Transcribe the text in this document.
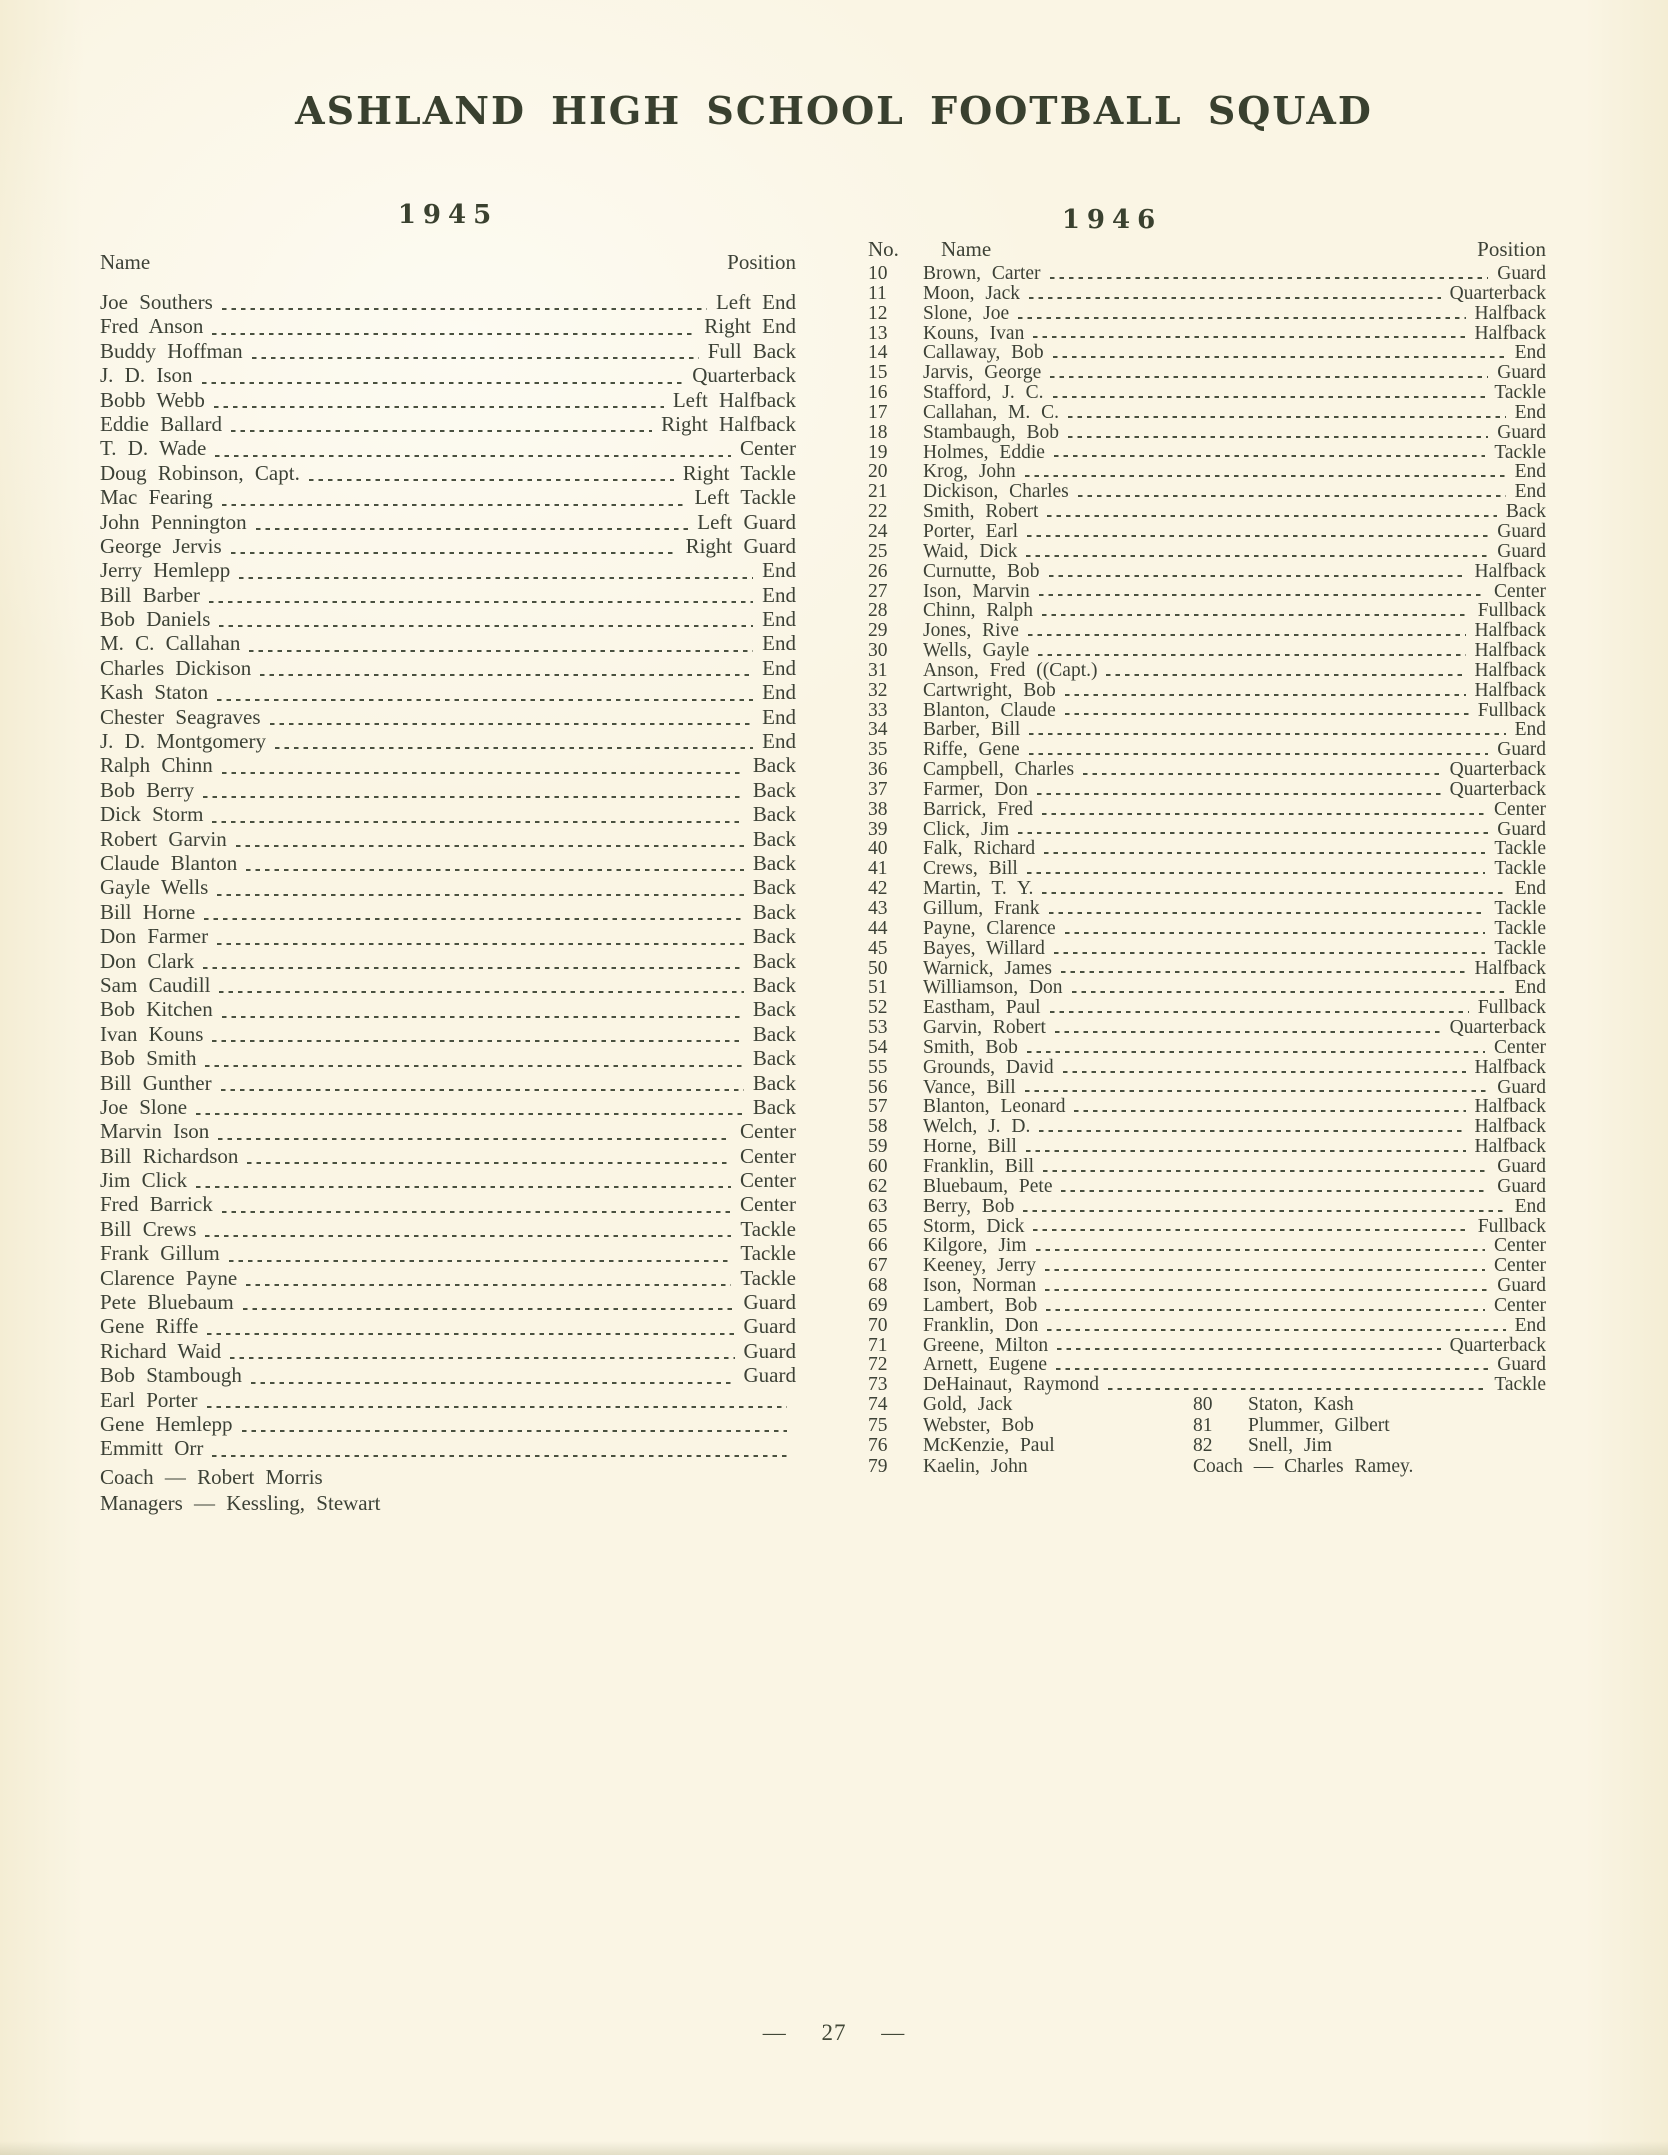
ASHLAND HIGH SCHOOL FOOTBALL SQUAD
1945
Name	Position
Joe Southers	Left End
Fred Anson	Right End
Buddy Hoffman	Full Back
J. D. Ison	Quarterback
Bobb Webb	Left Halfback
Eddie Ballard	Right Halfback
T. D. Wade	Center
Doug Robinson, Capt.	Right Tackle
Mac Fearing	Left Tackle
John Pennington	Left Guard
George Jervis	Right Guard
Jerry Hemlepp	End
Bill Barber	End
Bob Daniels	End
M. C. Callahan	End
Charles Dickison	End
Kash Staton	End
Chester Seagraves	End
J. D. Montgomery	End
Ralph Chinn	Back
Bob Berry	Back
Dick Storm	Back
Robert Garvin	Back
Claude Blanton	Back
Gayle Wells	Back
Bill Horne	Back
Don Farmer	Back
Don Clark	Back
Sam Caudill	Back
Bob Kitchen	Back
Ivan Kouns	Back
Bob Smith	Back
Bill Gunther	Back
Joe Slone	Back
Marvin Ison	Center
Bill Richardson	Center
Jim Click	Center
Fred Barrick	Center
Bill Crews	Tackle
Frank Gillum	Tackle
Clarence Payne	Tackle
Pete Bluebaum	Guard
Gene Riffe	Guard
Richard Waid	Guard
Bob Stambough	Guard
Earl Porter
Gene Hemlepp
Emmitt Orr
Coach — Robert Morris
Managers — Kessling, Stewart
1946
No.	Name	Position
10	Brown, Carter	Guard
11	Moon, Jack	Quarterback
12	Slone, Joe	Halfback
13	Kouns, Ivan	Halfback
14	Callaway, Bob	End
15	Jarvis, George	Guard
16	Stafford, J. C.	Tackle
17	Callahan, M. C.	End
18	Stambaugh, Bob	Guard
19	Holmes, Eddie	Tackle
20	Krog, John	End
21	Dickison, Charles	End
22	Smith, Robert	Back
24	Porter, Earl	Guard
25	Waid, Dick	Guard
26	Curnutte, Bob	Halfback
27	Ison, Marvin	Center
28	Chinn, Ralph	Fullback
29	Jones, Rive	Halfback
30	Wells, Gayle	Halfback
31	Anson, Fred ((Capt.)	Halfback
32	Cartwright, Bob	Halfback
33	Blanton, Claude	Fullback
34	Barber, Bill	End
35	Riffe, Gene	Guard
36	Campbell, Charles	Quarterback
37	Farmer, Don	Quarterback
38	Barrick, Fred	Center
39	Click, Jim	Guard
40	Falk, Richard	Tackle
41	Crews, Bill	Tackle
42	Martin, T. Y.	End
43	Gillum, Frank	Tackle
44	Payne, Clarence	Tackle
45	Bayes, Willard	Tackle
50	Warnick, James	Halfback
51	Williamson, Don	End
52	Eastham, Paul	Fullback
53	Garvin, Robert	Quarterback
54	Smith, Bob	Center
55	Grounds, David	Halfback
56	Vance, Bill	Guard
57	Blanton, Leonard	Halfback
58	Welch, J. D.	Halfback
59	Horne, Bill	Halfback
60	Franklin, Bill	Guard
62	Bluebaum, Pete	Guard
63	Berry, Bob	End
65	Storm, Dick	Fullback
66	Kilgore, Jim	Center
67	Keeney, Jerry	Center
68	Ison, Norman	Guard
69	Lambert, Bob	Center
70	Franklin, Don	End
71	Greene, Milton	Quarterback
72	Arnett, Eugene	Guard
73	DeHainaut, Raymond	Tackle
74	Gold, Jack	80	Staton, Kash
75	Webster, Bob	81	Plummer, Gilbert
76	McKenzie, Paul	82	Snell, Jim
79	Kaelin, John	Coach — Charles Ramey.
— 27 —
